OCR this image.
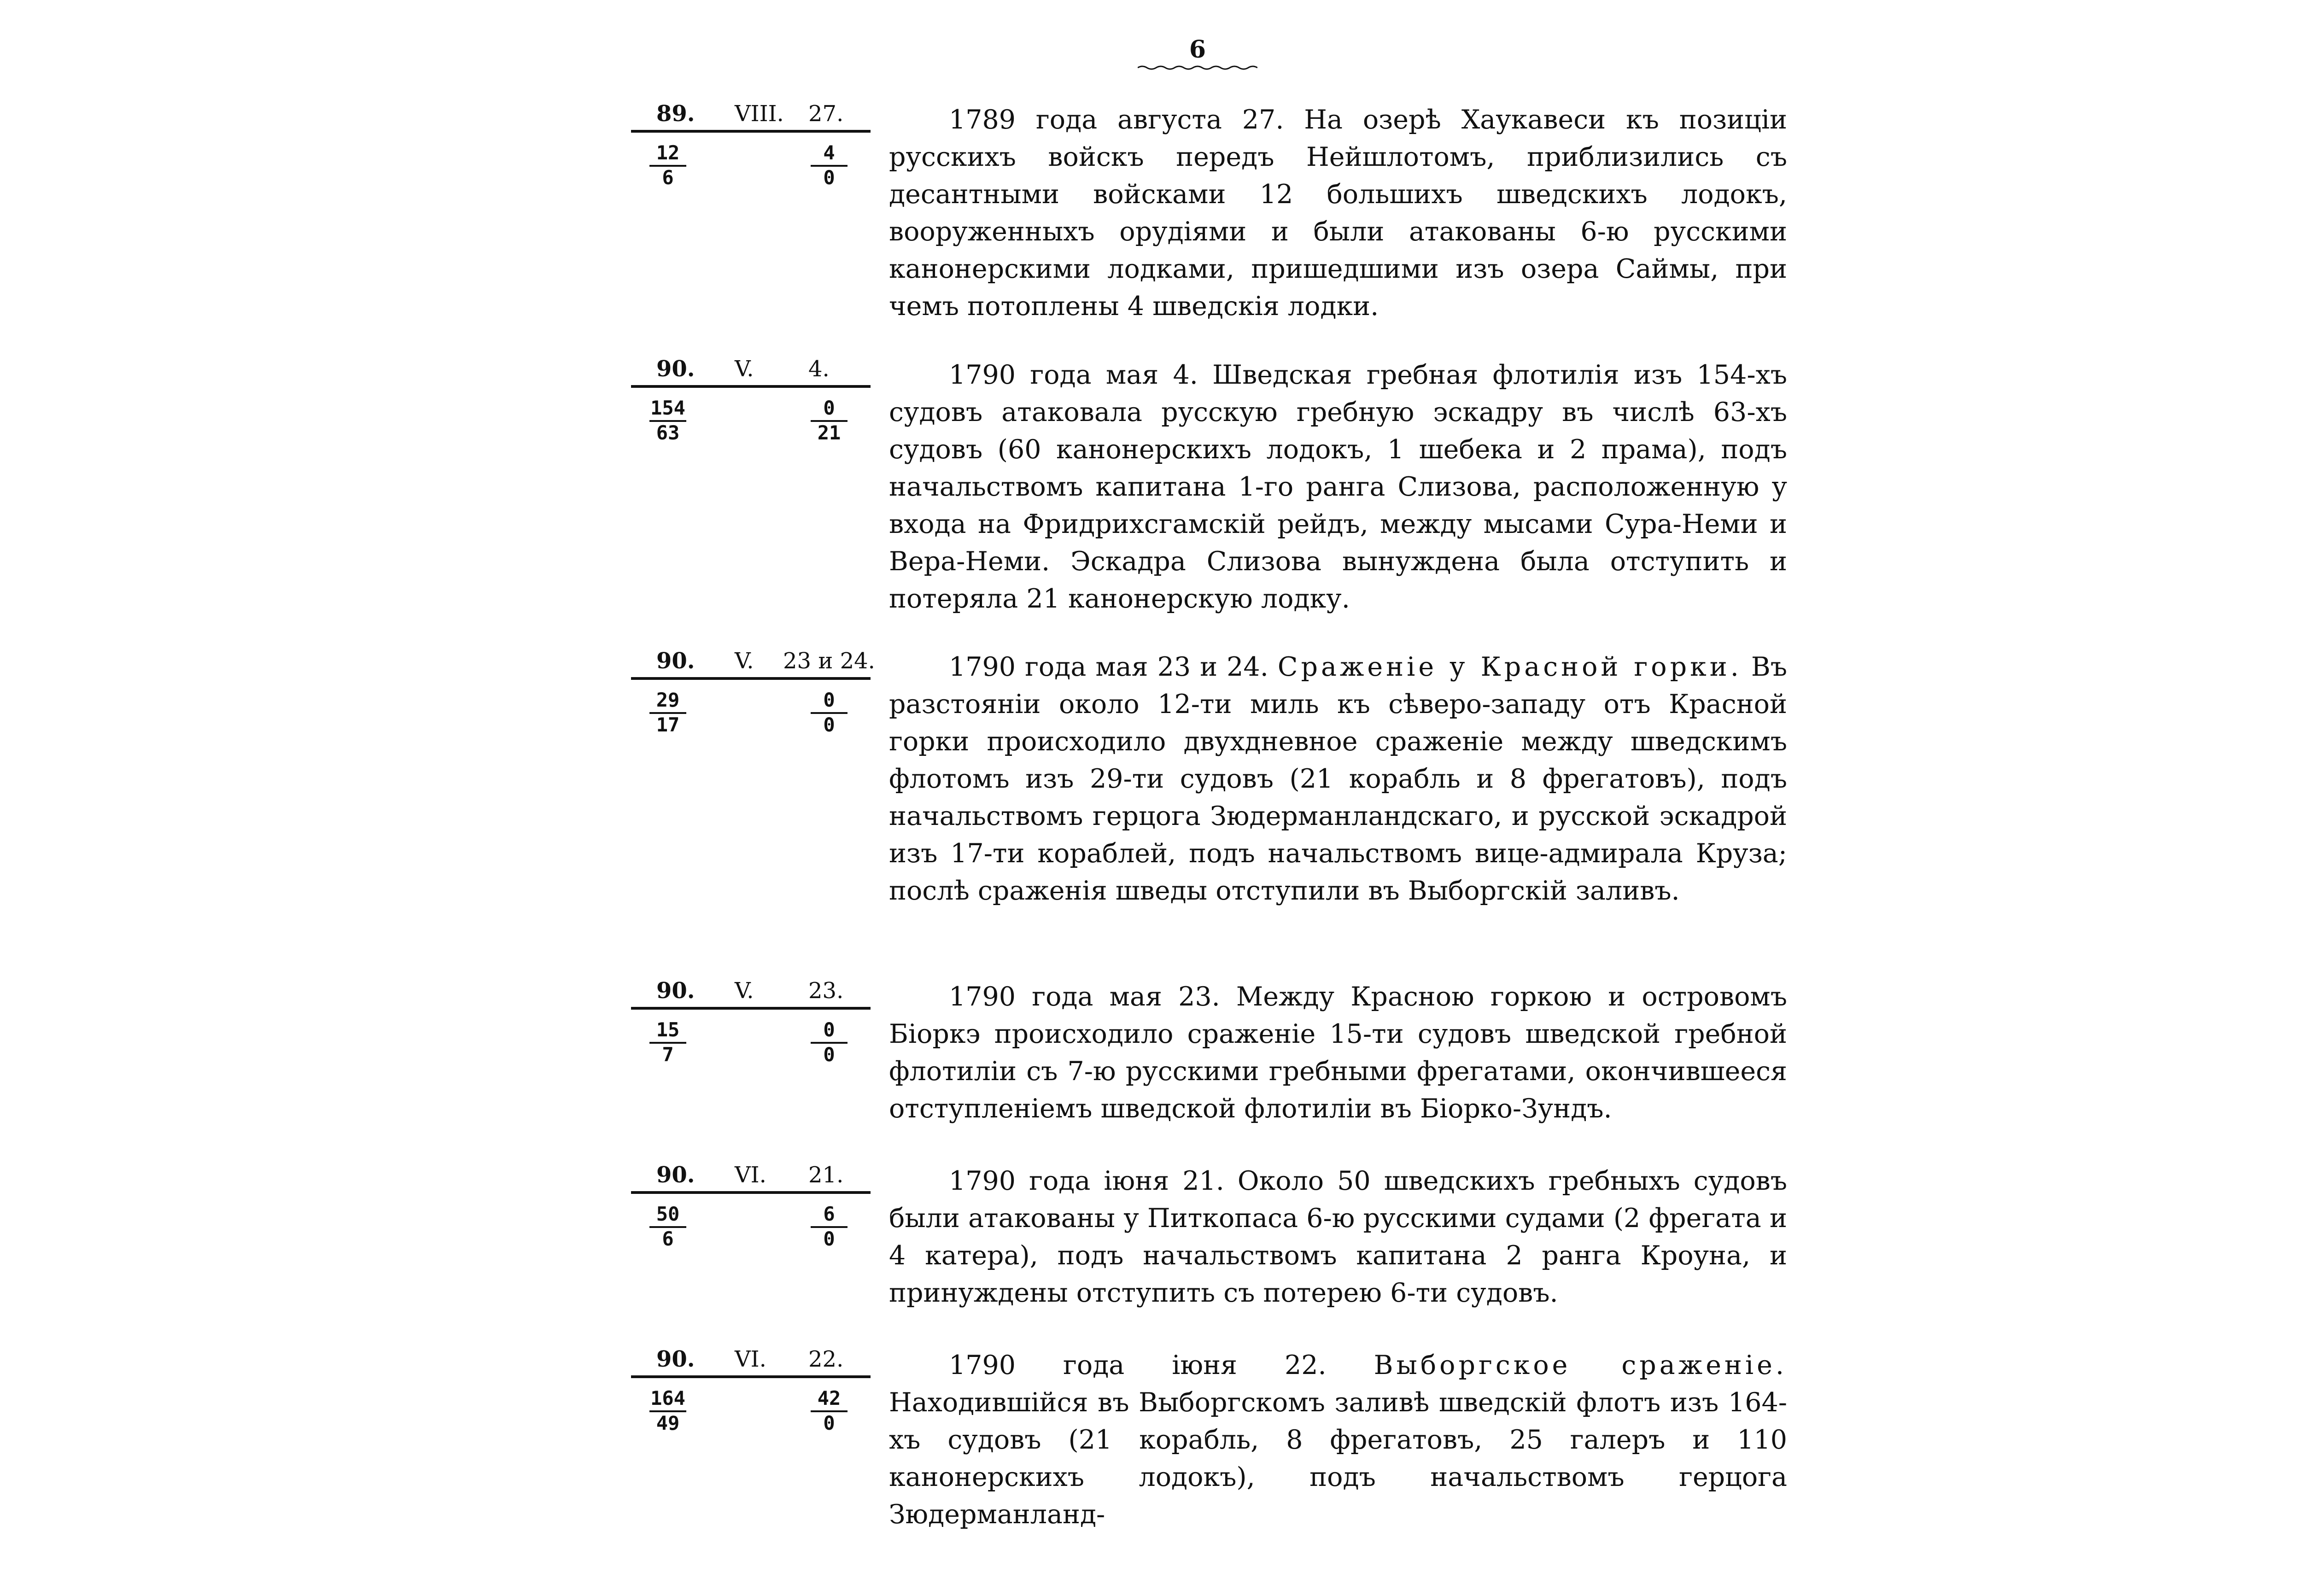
6
89. VIII. 27.
$\frac{12}{6}$	$\frac{4}{0}$

1789 года августа 27. На озерѣ Хаукавеси къ позиціи русскихъ войскъ передъ Нейшлотомъ, приблизились съ десантными войсками 12 большихъ шведскихъ лодокъ, вооруженныхъ орудіями и были атакованы 6-ю русскими канонерскими лодками, пришедшими изъ озера Саймы, при чемъ потоплены 4 шведскія лодки.

90. V. 4.
$\frac{154}{63}$	$\frac{0}{21}$

1790 года мая 4. Шведская гребная флотилія изъ 154-хъ судовъ атаковала русскую гребную эскадру въ числѣ 63-хъ судовъ (60 канонерскихъ лодокъ, 1 шебека и 2 прама), подъ начальствомъ капитана 1-го ранга Слизова, расположенную у входа на Фридрихсгамскій рейдъ, между мысами Сура-Неми и Вера-Неми. Эскадра Слизова вынуждена была отступить и потеряла 21 канонерскую лодку.

90. V. 23 и 24.
$\frac{29}{17}$	$\frac{0}{0}$

1790 года мая 23 и 24. Сраженіе у Красной горки. Въ разстояніи около 12-ти миль къ сѣверо-западу отъ Красной горки происходило двухдневное сраженіе между шведскимъ флотомъ изъ 29-ти судовъ (21 корабль и 8 фрегатовъ), подъ начальствомъ герцога Зюдерманландскаго, и русской эскадрой изъ 17-ти кораблей, подъ начальствомъ вице-адмирала Круза; послѣ сраженія шведы отступили въ Выборгскій заливъ.

90. V. 23.
$\frac{15}{7}$	$\frac{0}{0}$

1790 года мая 23. Между Красною горкою и островомъ Біоркэ происходило сраженіе 15-ти судовъ шведской гребной флотиліи съ 7-ю русскими гребными фрегатами, окончившееся отступленіемъ шведской флотиліи въ Біорко-Зундъ.

90. VI. 21.
$\frac{50}{6}$	$\frac{6}{0}$

1790 года іюня 21. Около 50 шведскихъ гребныхъ судовъ были атакованы у Питкопаса 6-ю русскими судами (2 фрегата и 4 катера), подъ начальствомъ капитана 2 ранга Кроуна, и принуждены отступить съ потерею 6-ти судовъ.

90. VI. 22.
$\frac{164}{49}$	$\frac{42}{0}$

1790 года іюня 22. Выборгское сраженіе. Находившійся въ Выборгскомъ заливѣ шведскій флотъ изъ 164-хъ судовъ (21 корабль, 8 фрегатовъ, 25 галеръ и 110 канонерскихъ лодокъ), подъ начальствомъ герцога Зюдерманланд-
